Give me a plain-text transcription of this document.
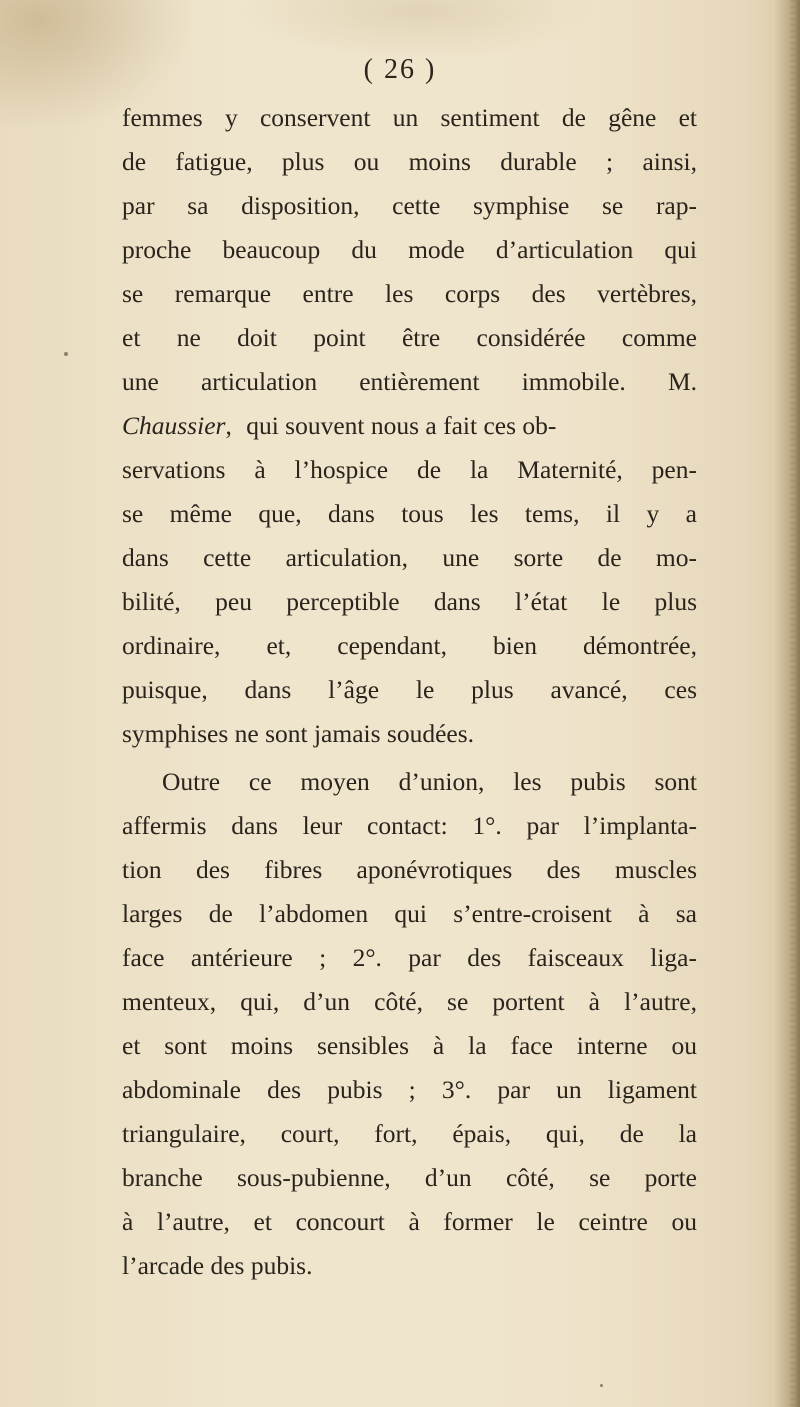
( 26 )
femmes y conservent un sentiment de gêne et
de fatigue, plus ou moins durable ; ainsi,
par sa disposition, cette symphise se rap-
proche beaucoup du mode d’articulation qui
se remarque entre les corps des vertèbres,
et ne doit point être considérée comme
une articulation entièrement immobile. M.
Chaussier, qui souvent nous a fait ces ob-
servations à l’hospice de la Maternité, pen-
se même que, dans tous les tems, il y a
dans cette articulation, une sorte de mo-
bilité, peu perceptible dans l’état le plus
ordinaire, et, cependant, bien démontrée,
puisque, dans l’âge le plus avancé, ces
symphises ne sont jamais soudées.
Outre ce moyen d’union, les pubis sont
affermis dans leur contact: 1°. par l’implanta-
tion des fibres aponévrotiques des muscles
larges de l’abdomen qui s’entre-croisent à sa
face antérieure ; 2°. par des faisceaux liga-
menteux, qui, d’un côté, se portent à l’autre,
et sont moins sensibles à la face interne ou
abdominale des pubis ; 3°. par un ligament
triangulaire, court, fort, épais, qui, de la
branche sous-pubienne, d’un côté, se porte
à l’autre, et concourt à former le ceintre ou
l’arcade des pubis.
